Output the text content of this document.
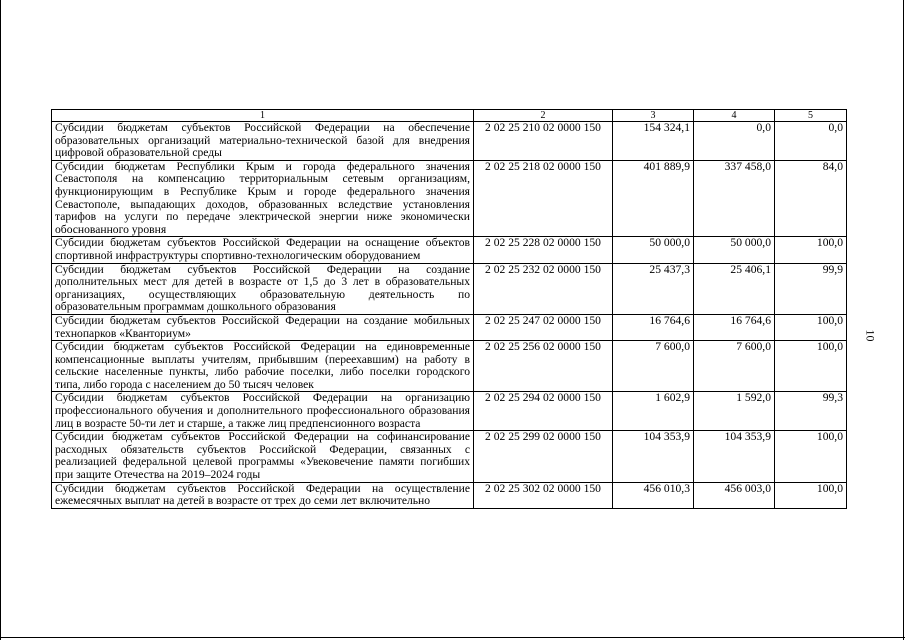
1	2	3	4	5
Субсидии бюджетам субъектов Российской Федерации на обеспечение образовательных организаций материально-технической базой для внедрения цифровой образовательной среды	2 02 25 210 02 0000 150	154 324,1	0,0	0,0
Субсидии бюджетам Республики Крым и города федерального значения Севастополя на компенсацию территориальным сетевым организациям, функционирующим в Республике Крым и городе федерального значения Севастополе, выпадающих доходов, образованных вследствие установления тарифов на услуги по передаче электрической энергии ниже экономически обоснованного уровня	2 02 25 218 02 0000 150	401 889,9	337 458,0	84,0
Субсидии бюджетам субъектов Российской Федерации на оснащение объектов спортивной инфраструктуры спортивно-технологическим оборудованием	2 02 25 228 02 0000 150	50 000,0	50 000,0	100,0
Субсидии бюджетам субъектов Российской Федерации на создание дополнительных мест для детей в возрасте от 1,5 до 3 лет в образовательных организациях, осуществляющих образовательную деятельность по образовательным программам дошкольного образования	2 02 25 232 02 0000 150	25 437,3	25 406,1	99,9
Субсидии бюджетам субъектов Российской Федерации на создание мобильных технопарков «Кванториум»	2 02 25 247 02 0000 150	16 764,6	16 764,6	100,0
Субсидии бюджетам субъектов Российской Федерации на единовременные компенсационные выплаты учителям, прибывшим (переехавшим) на работу в сельские населенные пункты, либо рабочие поселки, либо поселки городского типа, либо города с населением до 50 тысяч человек	2 02 25 256 02 0000 150	7 600,0	7 600,0	100,0
Субсидии бюджетам субъектов Российской Федерации на организацию профессионального обучения и дополнительного профессионального образования лиц в возрасте 50-ти лет и старше, а также лиц предпенсионного возраста	2 02 25 294 02 0000 150	1 602,9	1 592,0	99,3
Субсидии бюджетам субъектов Российской Федерации на софинансирование расходных обязательств субъектов Российской Федерации, связанных с реализацией федеральной целевой программы «Увековечение памяти погибших при защите Отечества на 2019–2024 годы	2 02 25 299 02 0000 150	104 353,9	104 353,9	100,0
Субсидии бюджетам субъектов Российской Федерации на осуществление ежемесячных выплат на детей в возрасте от трех до семи лет включительно	2 02 25 302 02 0000 150	456 010,3	456 003,0	100,0
10
